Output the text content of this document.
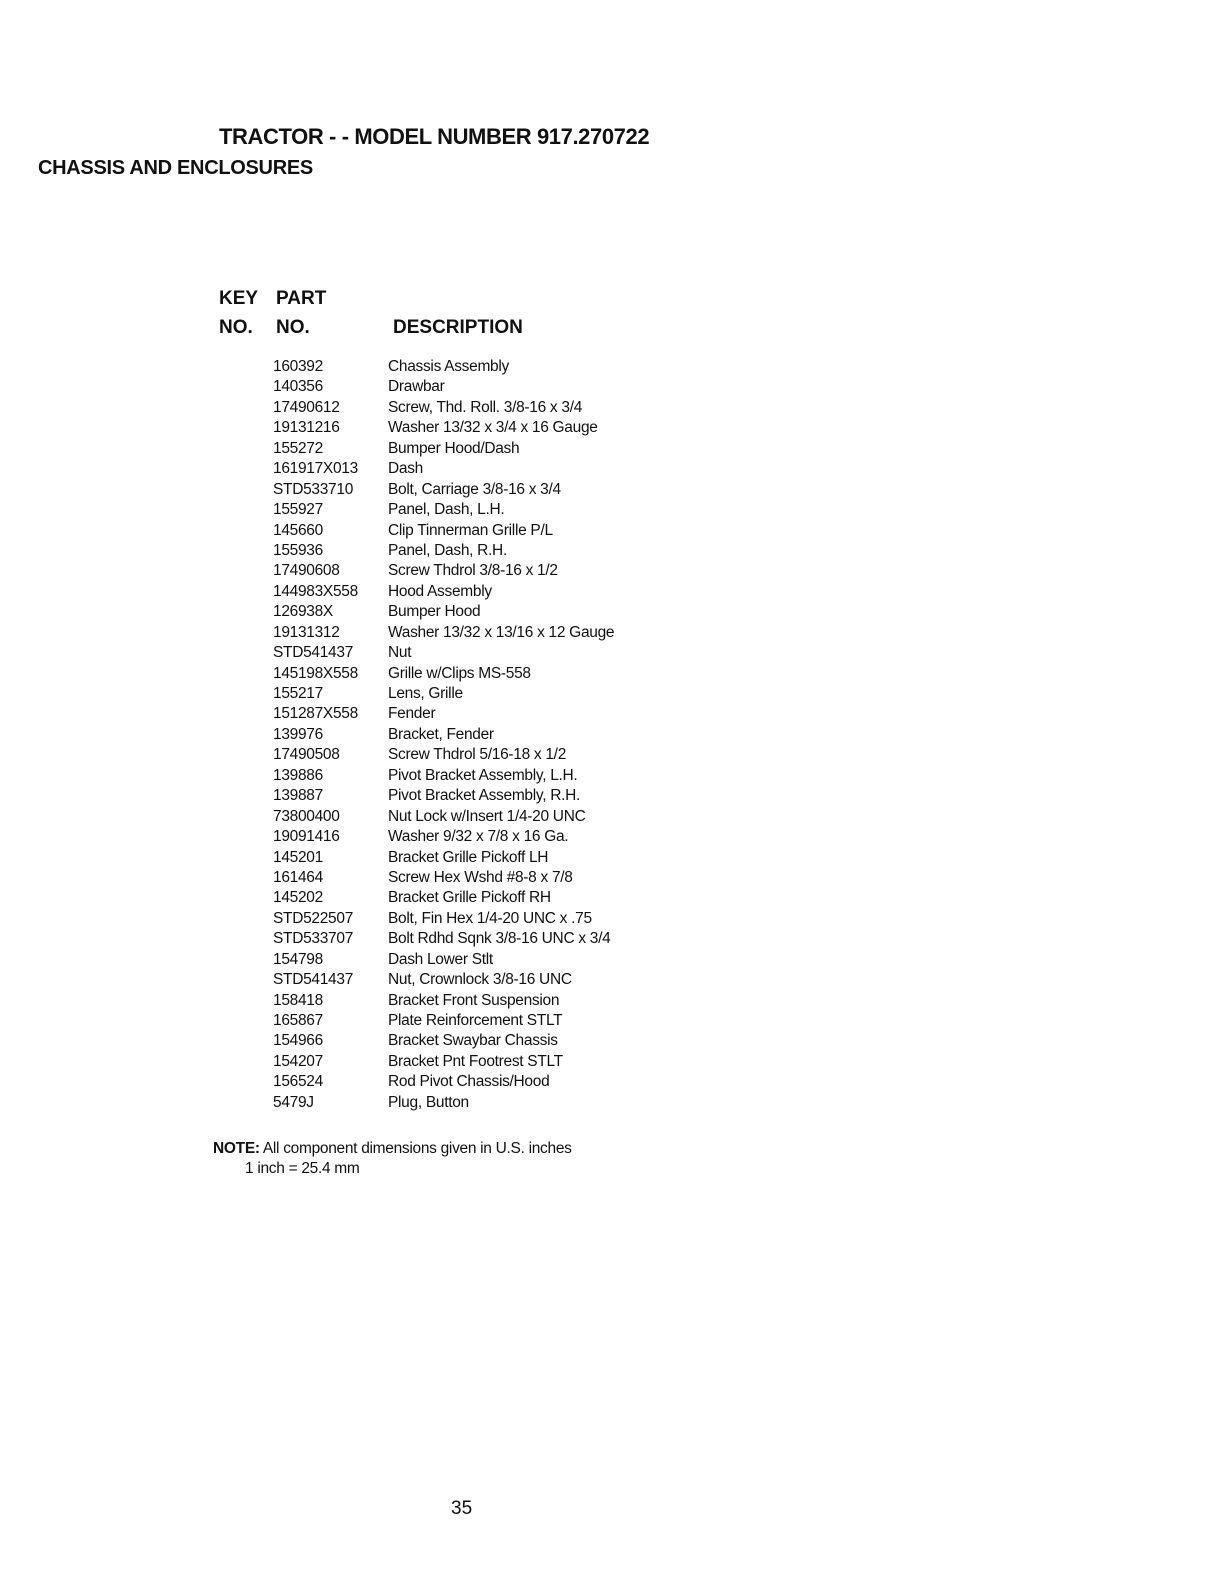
TRACTOR - - MODEL NUMBER 917.270722
CHASSIS AND ENCLOSURES
KEY
NO.
PART
NO.	DESCRIPTION
160392	Chassis Assembly
140356	Drawbar
17490612	Screw, Thd. Roll. 3/8-16 x 3/4
19131216	Washer 13/32 x 3/4 x 16 Gauge
155272	Bumper Hood/Dash
161917X013 Dash
STD533710 Bolt, Carriage 3/8-16 x 3/4
155927	Panel, Dash, L.H.
145660	Clip Tinnerman Grille P/L
155936	Panel, Dash, R.H.
17490608	Screw Thdrol 3/8-16 x 1/2
144983X558 Hood Assembly
126938X	Bumper Hood
19131312	Washer 13/32 x 13/16 x 12 Gauge
STD541437 Nut
145198X558 Grille w/Clips MS-558
155217	Lens, Grille
151287X558 Fender
139976	Bracket, Fender
17490508	Screw Thdrol 5/16-18 x 1/2
139886	Pivot Bracket Assembly, L.H.
139887	Pivot Bracket Assembly, R.H.
73800400	Nut Lock w/Insert 1/4-20 UNC
19091416	Washer 9/32 x 7/8 x 16 Ga.
145201	Bracket Grille Pickoff LH
161464	Screw Hex Wshd #8-8 x 7/8
145202	Bracket Grille Pickoff RH
STD522507 Bolt, Fin Hex 1/4-20 UNC x .75
STD533707 Bolt Rdhd Sqnk 3/8-16 UNC x 3/4
154798	Dash Lower Stlt
STD541437 Nut, Crownlock 3/8-16 UNC
158418	Bracket Front Suspension
165867	Plate Reinforcement STLT
154966	Bracket Swaybar Chassis
154207	Bracket Pnt Footrest STLT
156524	Rod Pivot Chassis/Hood
5479J	Plug, Button
NOTE: All component dimensions given in U.S. inches
1 inch = 25.4 mm
35
